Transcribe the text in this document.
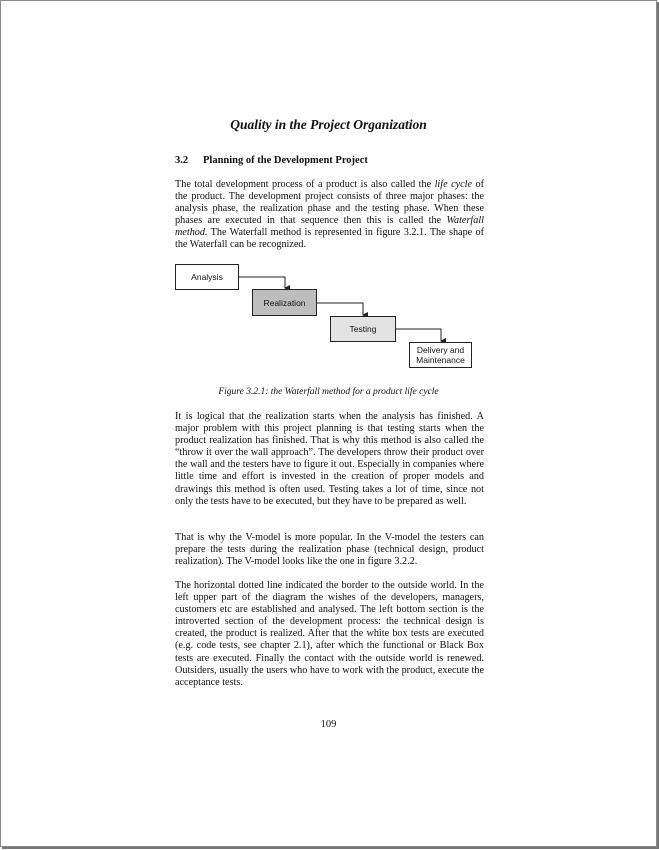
Quality in the Project Organization
3.2 Planning of the Development Project

The total development process of a product is also called the life cycle of the product. The development project consists of three major phases: the analysis phase, the realization phase and the testing phase. When these phases are executed in that sequence then this is called the Waterfall method. The Waterfall method is represented in figure 3.2.1. The shape of the Waterfall can be recognized.

Analysis
Realization
Testing
Delivery and Maintenance
Figure 3.2.1: the Waterfall method for a product life cycle

It is logical that the realization starts when the analysis has finished. A major problem with this project planning is that testing starts when the product realization has finished. That is why this method is also called the “throw it over the wall approach”. The developers throw their product over the wall and the testers have to figure it out. Especially in companies where little time and effort is invested in the creation of proper models and drawings this method is often used. Testing takes a lot of time, since not only the tests have to be executed, but they have to be prepared as well.

That is why the V-model is more popular. In the V-model the testers can prepare the tests during the realization phase (technical design, product realization). The V-model looks like the one in figure 3.2.2.

The horizontal dotted line indicated the border to the outside world. In the left upper part of the diagram the wishes of the developers, managers, customers etc are established and analysed. The left bottom section is the introverted section of the development process: the technical design is created, the product is realized. After that the white box tests are executed (e.g. code tests, see chapter 2.1), after which the functional or Black Box tests are executed. Finally the contact with the outside world is renewed. Outsiders, usually the users who have to work with the product, execute the acceptance tests.

109
